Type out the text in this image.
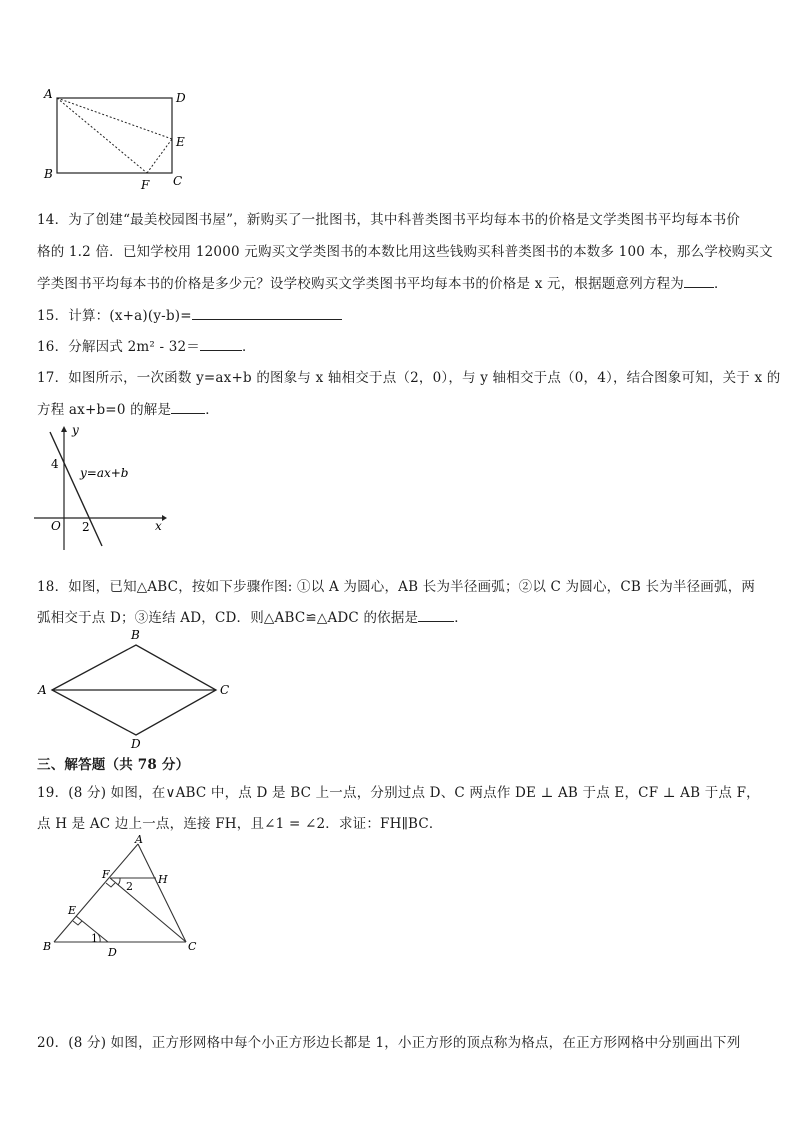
A	D
E
B
F C
14．为了创建“最美校园图书屋”，新购买了一批图书，其中科普类图书平均每本书的价格是文学类图书平均每本书价
格的 1.2 倍．已知学校用 12000 元购买文学类图书的本数比用这些钱购买科普类图书的本数多 100 本，那么学校购买文
学类图书平均每本书的价格是多少元？设学校购买文学类图书平均每本书的价格是 x 元，根据题意列方程为 ．
15．计算：(x+a)(y-b)=
16．分解因式 2m² - 32＝	．
17．如图所示，一次函数 y=ax+b 的图象与 x 轴相交于点（2，0），与 y 轴相交于点（0，4），结合图象可知，关于 x 的
方程 ax+b=0 的解是	．
y
x
O
4
2
y=ax+b
18．如图，已知△ABC，按如下步骤作图: ①以 A 为圆心，AB 长为半径画弧；②以 C 为圆心，CB 长为半径画弧，两
弧相交于点 D；③连结 AD，CD．则△ABC≌△ADC 的依据是	．
B
A	C
D
三、解答题（共 78 分）
19．(8 分) 如图，在∨ABC 中，点 D 是 BC 上一点，分别过点 D、C 两点作 DE ⊥ AB 于点 E，CF ⊥ AB 于点 F，
点 H 是 AC 边上一点，连接 FH，且∠1 = ∠2．求证：FH∥BC．
A
F	H
2
E
1
B	D	C
20．(8 分) 如图，正方形网格中每个小正方形边长都是 1，小正方形的顶点称为格点，在正方形网格中分别画出下列
